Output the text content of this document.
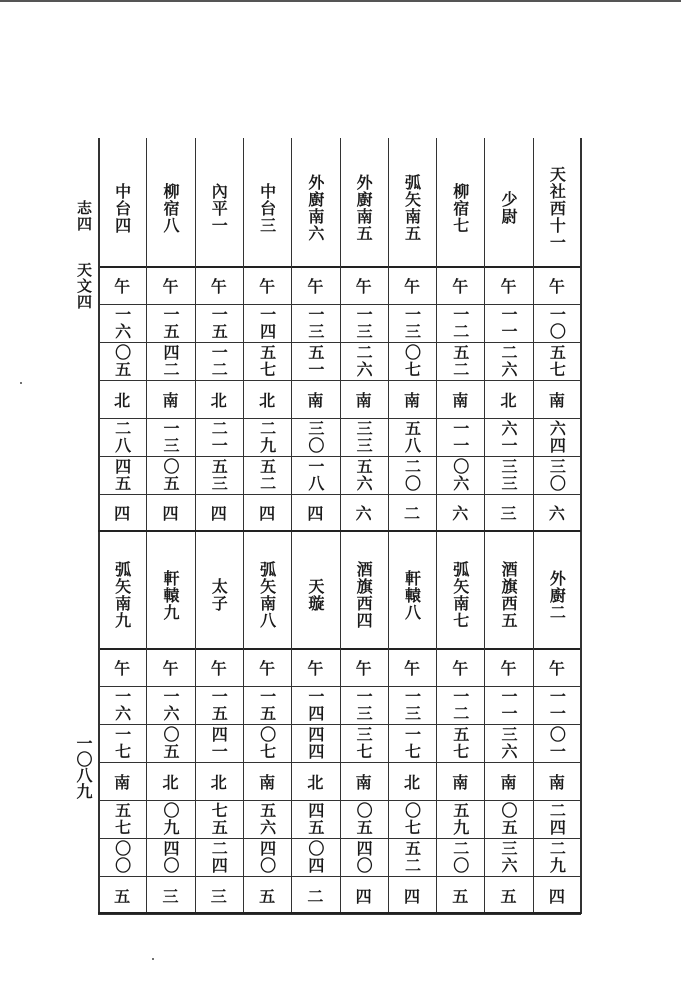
志四
天文四
一〇八九
天社西十一
少尉
柳宿七
弧矢南五
外廚南五
外廚南六
中台三
內平一
柳宿八
中台四
午
午
午
午
午
午
午
午
午
午
一〇
一一
一二
一三
一三
一三
一四
一五
一五
一六
五七
二六
五二
〇七
二六
五一
五七
一二
四二
〇五
南
北
南
南
南
南
北
北
南
北
六四
六一
一一
五八
三三
三〇
二九
二一
一三
二八
三〇
三三
〇六
二〇
五六
一八
五二
五三
〇五
四五
六
三
六
二
六
四
四
四
四
四
外廚二
酒旗西五
弧矢南七
軒轅八
酒旗西四
天璇
弧矢南八
太子
軒轅九
弧矢南九
午
午
午
午
午
午
午
午
午
午
一一
一一
一二
一三
一三
一四
一五
一五
一六
一六
〇一
三六
五七
一七
三七
四四
〇七
四一
〇五
一七
南
南
南
北
南
北
南
北
北
南
二四
〇五
五九
〇七
〇五
四五
五六
七五
〇九
五七
二九
三六
二〇
五二
四〇
〇四
四〇
二四
四〇
〇〇
四
五
五
四
四
二
五
三
三
五
